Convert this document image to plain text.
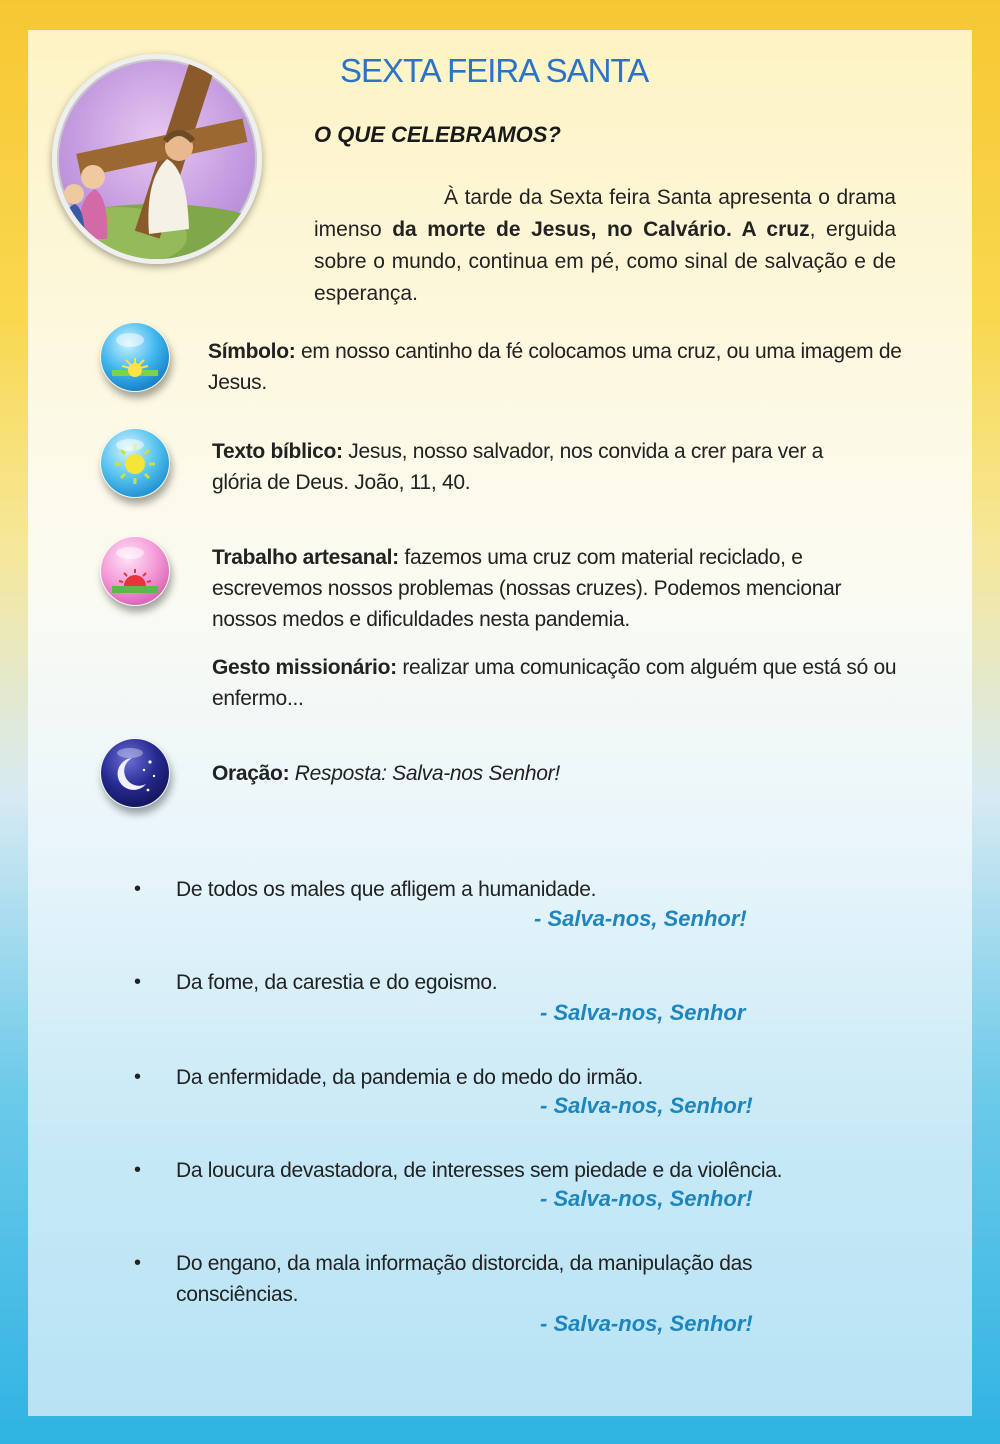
SEXTA FEIRA SANTA
O QUE CELEBRAMOS?
À tarde da Sexta feira Santa apresenta o drama imenso da morte de Jesus, no Calvário. A cruz, erguida sobre o mundo, continua em pé, como sinal de salvação e de esperança.
Símbolo: em nosso cantinho da fé colocamos uma cruz, ou uma imagem de Jesus.
Texto bíblico: Jesus, nosso salvador, nos convida a crer para ver a glória de Deus. João, 11, 40.
Trabalho artesanal: fazemos uma cruz com material reciclado, e escrevemos nossos problemas (nossas cruzes). Podemos mencionar nossos medos e dificuldades nesta pandemia.
Gesto missionário: realizar uma comunicação com alguém que está só ou enfermo...
Oração: Resposta: Salva-nos Senhor!
• De todos os males que afligem a humanidade.
- Salva-nos, Senhor!
• Da fome, da carestia e do egoismo.
- Salva-nos, Senhor
• Da enfermidade, da pandemia e do medo do irmão.
- Salva-nos, Senhor!
• Da loucura devastadora, de interesses sem piedade e da violência.
- Salva-nos, Senhor!
• Do engano, da mala informação distorcida, da manipulação das consciências.
- Salva-nos, Senhor!
